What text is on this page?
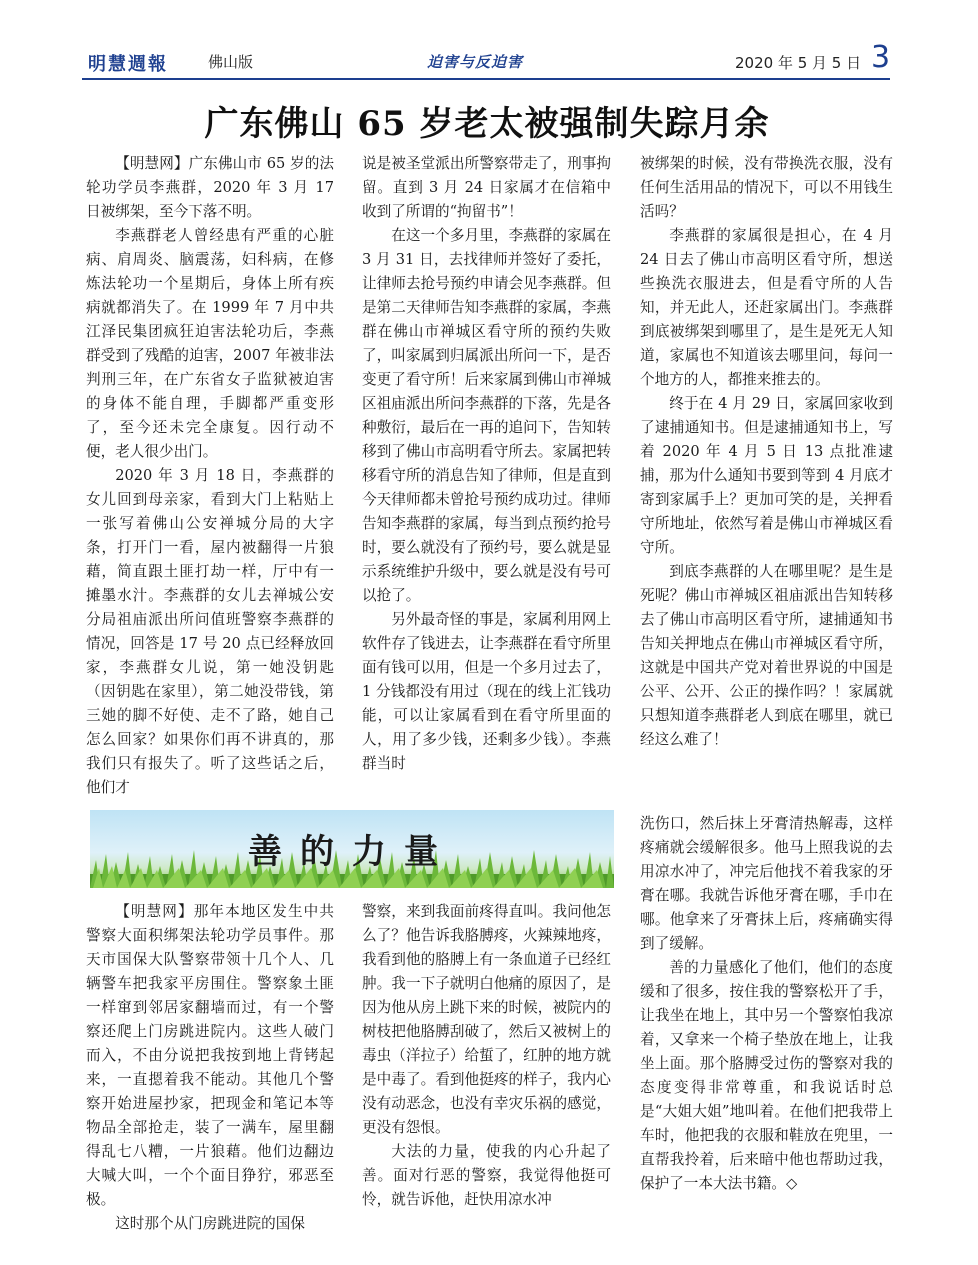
明慧週報	佛山版	迫害与反迫害	2020 年 5 月 5 日 3
广东佛山 65 岁老太被强制失踪月余

【明慧网】广东佛山市 65 岁的法轮功学员李燕群，2020 年 3 月 17 日被绑架，至今下落不明。

李燕群老人曾经患有严重的心脏病、肩周炎、脑震荡，妇科病，在修炼法轮功一个星期后，身体上所有疾病就都消失了。在 1999 年 7 月中共江泽民集团疯狂迫害法轮功后，李燕群受到了残酷的迫害，2007 年被非法判刑三年，在广东省女子监狱被迫害的身体不能自理，手脚都严重变形了，至今还未完全康复。因行动不便，老人很少出门。

2020 年 3 月 18 日，李燕群的女儿回到母亲家，看到大门上粘贴上一张写着佛山公安禅城分局的大字条，打开门一看，屋内被翻得一片狼藉，简直跟土匪打劫一样，厅中有一摊墨水汁。李燕群的女儿去禅城公安分局祖庙派出所问值班警察李燕群的情况，回答是 17 号 20 点已经释放回家，李燕群女儿说，第一她没钥匙（因钥匙在家里），第二她没带钱，第三她的脚不好使、走不了路，她自己怎么回家？如果你们再不讲真的，那我们只有报失了。听了这些话之后，他们才

说是被圣堂派出所警察带走了，刑事拘留。直到 3 月 24 日家属才在信箱中收到了所谓的“拘留书”！

在这一个多月里，李燕群的家属在 3 月 31 日，去找律师并签好了委托，让律师去抢号预约申请会见李燕群。但是第二天律师告知李燕群的家属，李燕群在佛山市禅城区看守所的预约失败了，叫家属到归属派出所问一下，是否变更了看守所！后来家属到佛山市禅城区祖庙派出所问李燕群的下落，先是各种敷衍，最后在一再的追问下，告知转移到了佛山市高明看守所去。家属把转移看守所的消息告知了律师，但是直到今天律师都未曾抢号预约成功过。律师告知李燕群的家属，每当到点预约抢号时，要么就没有了预约号，要么就是显示系统维护升级中，要么就是没有号可以抢了。

另外最奇怪的事是，家属利用网上软件存了钱进去，让李燕群在看守所里面有钱可以用，但是一个多月过去了，1 分钱都没有用过（现在的线上汇钱功能，可以让家属看到在看守所里面的人，用了多少钱，还剩多少钱）。李燕群当时

被绑架的时候，没有带换洗衣服，没有任何生活用品的情况下，可以不用钱生活吗？

李燕群的家属很是担心，在 4 月 24 日去了佛山市高明区看守所，想送些换洗衣服进去，但是看守所的人告知，并无此人，还赶家属出门。李燕群到底被绑架到哪里了，是生是死无人知道，家属也不知道该去哪里问，每问一个地方的人，都推来推去的。

终于在 4 月 29 日，家属回家收到了逮捕通知书。但是逮捕通知书上，写着 2020 年 4 月 5 日 13 点批准逮捕，那为什么通知书要到等到 4 月底才寄到家属手上？更加可笑的是，关押看守所地址，依然写着是佛山市禅城区看守所。

到底李燕群的人在哪里呢？是生是死呢？佛山市禅城区祖庙派出告知转移去了佛山市高明区看守所，逮捕通知书告知关押地点在佛山市禅城区看守所，这就是中国共产党对着世界说的中国是公平、公开、公正的操作吗？！家属就只想知道李燕群老人到底在哪里，就已经这么难了！

善的力量

【明慧网】那年本地区发生中共警察大面积绑架法轮功学员事件。那天市国保大队警察带领十几个人、几辆警车把我家平房围住。警察象土匪一样窜到邻居家翻墙而过，有一个警察还爬上门房跳进院内。这些人破门而入，不由分说把我按到地上背铐起来，一直摁着我不能动。其他几个警察开始进屋抄家，把现金和笔记本等物品全部抢走，装了一满车，屋里翻得乱七八糟，一片狼藉。他们边翻边大喊大叫，一个个面目狰狞，邪恶至极。

这时那个从门房跳进院的国保

警察，来到我面前疼得直叫。我问他怎么了？他告诉我胳膊疼，火辣辣地疼，我看到他的胳膊上有一条血道子已经红肿。我一下子就明白他痛的原因了，是因为他从房上跳下来的时候，被院内的树枝把他胳膊刮破了，然后又被树上的毒虫（洋拉子）给蜇了，红肿的地方就是中毒了。看到他挺疼的样子，我内心没有动恶念，也没有幸灾乐祸的感觉，更没有怨恨。

大法的力量，使我的内心升起了善。面对行恶的警察，我觉得他挺可怜，就告诉他，赶快用凉水冲

洗伤口，然后抹上牙膏清热解毒，这样疼痛就会缓解很多。他马上照我说的去用凉水冲了，冲完后他找不着我家的牙膏在哪。我就告诉他牙膏在哪，手巾在哪。他拿来了牙膏抹上后，疼痛确实得到了缓解。

善的力量感化了他们，他们的态度缓和了很多，按住我的警察松开了手，让我坐在地上，其中另一个警察怕我凉着，又拿来一个椅子垫放在地上，让我坐上面。那个胳膊受过伤的警察对我的态度变得非常尊重，和我说话时总是“大姐大姐”地叫着。在他们把我带上车时，他把我的衣服和鞋放在兜里，一直帮我拎着，后来暗中他也帮助过我，保护了一本大法书籍。◇
